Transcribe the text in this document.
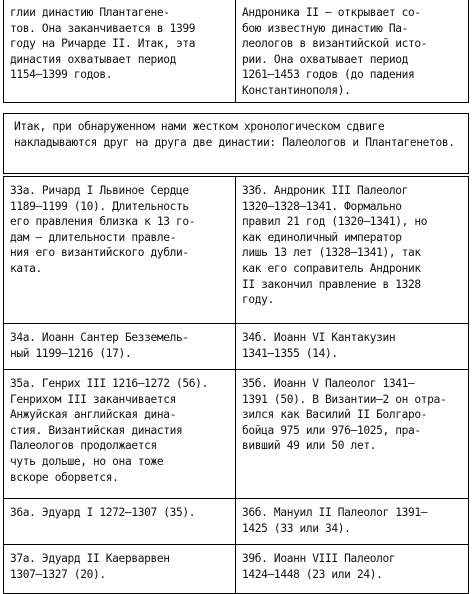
глии династию Плантагене-
тов. Она заканчивается в 1399
году на Ричарде II. Итак, эта
династия охватывает период
1154–1399 годов.
Андроника II – открывает со-
бою известную династию Па-
леологов в византийской исто-
рии. Она охватывает период
1261–1453 годов (до падения
Константинополя).
Итак, при обнаруженном нами жестком хронологическом сдвиге
накладываются друг на друга две династии: Палеологов и Плантагенетов.
33а. Ричард I Львиное Сердце
1189–1199 (10). Длительность
его правления близка к 13 го-
дам – длительности правле-
ния его византийского дубли-
ката.
33б. Андроник III Палеолог
1320–1328–1341. Формально
правил 21 год (1320–1341), но
как единоличный император
лишь 13 лет (1328–1341), так
как его соправитель Андроник
II закончил правление в 1328
году.
34а. Иоанн Сантер Безземель-
ный 1199–1216 (17).
34б. Иоанн VI Кантакузин
1341–1355 (14).
35а. Генрих III 1216–1272 (56).
Генрихом III заканчивается
Анжуйская английская дина-
стия. Византийская династия
Палеологов продолжается
чуть дольше, но она тоже
вскоре оборвется.
35б. Иоанн V Палеолог 1341–
1391 (50). В Византии–2 он отра-
зился как Василий II Болгаро-
бойца 975 или 976–1025, пра-
вивший 49 или 50 лет.
36а. Эдуард I 1272–1307 (35).	36б. Мануил II Палеолог 1391–
1425 (33 или 34).
37а. Эдуард II Каерварвен
1307–1327 (20).
39б. Иоанн VIII Палеолог
1424–1448 (23 или 24).
